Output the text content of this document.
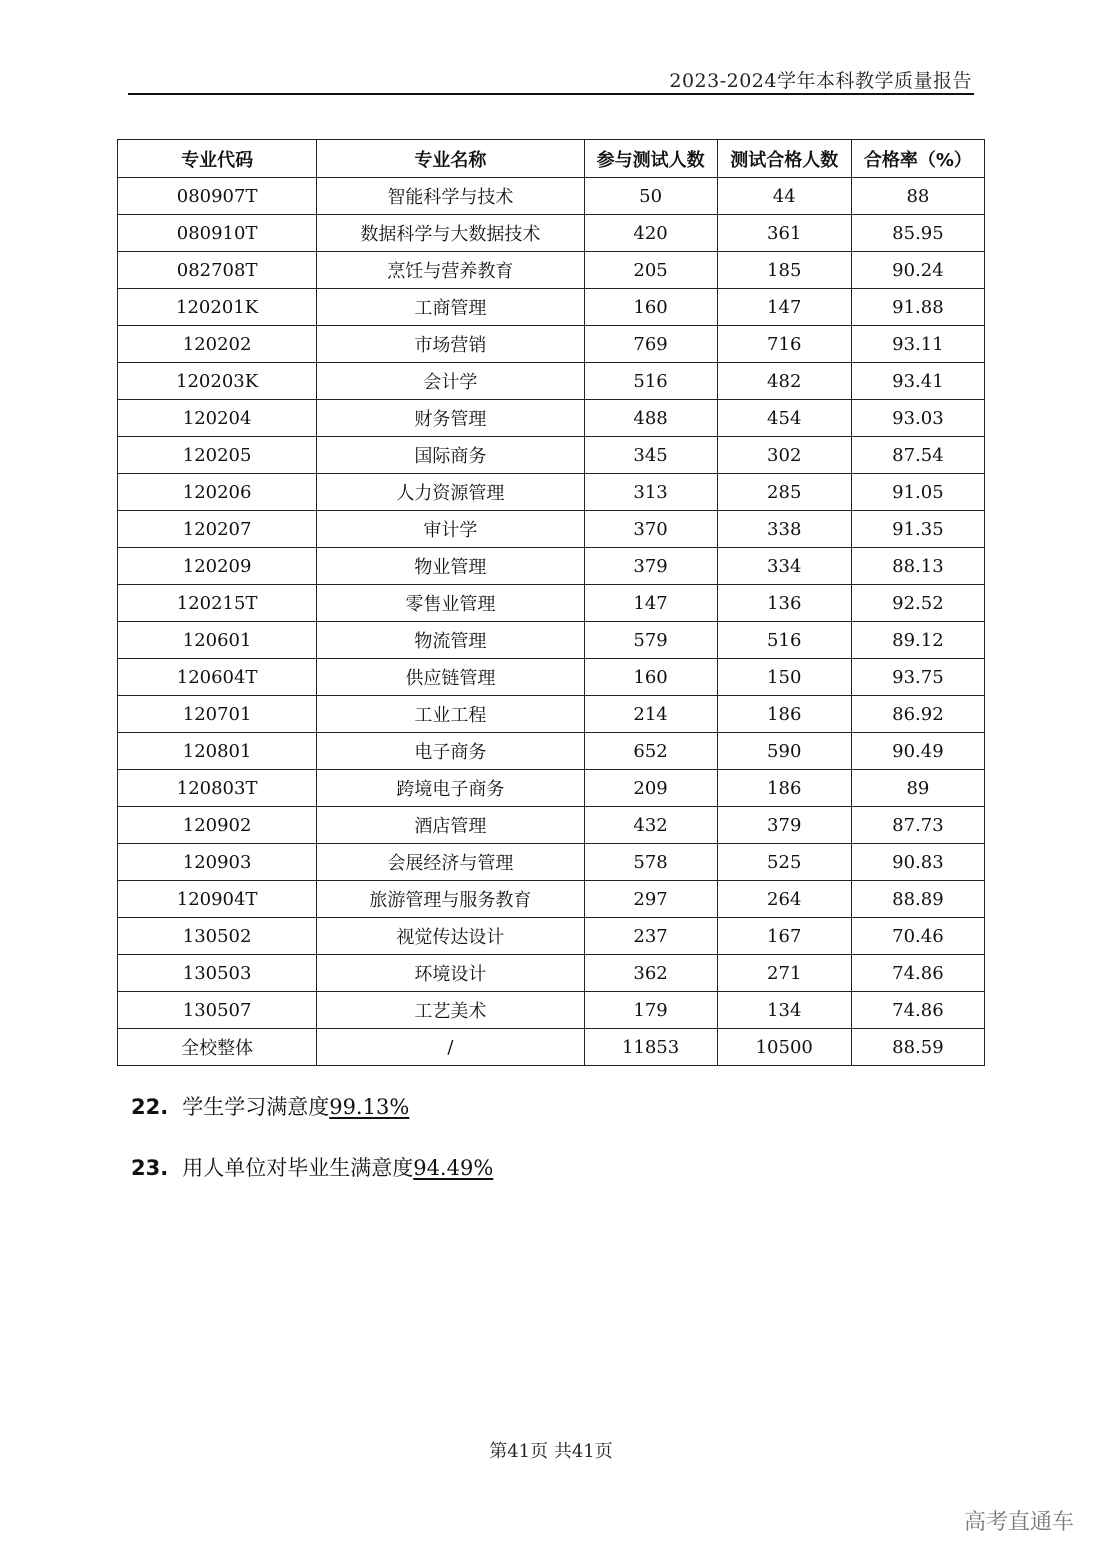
2023-2024学年本科教学质量报告
专业代码	专业名称	参与测试人数	测试合格人数	合格率（%）
080907T	智能科学与技术	50	44	88
080910T	数据科学与大数据技术	420	361	85.95
082708T	烹饪与营养教育	205	185	90.24
120201K	工商管理	160	147	91.88
120202	市场营销	769	716	93.11
120203K	会计学	516	482	93.41
120204	财务管理	488	454	93.03
120205	国际商务	345	302	87.54
120206	人力资源管理	313	285	91.05
120207	审计学	370	338	91.35
120209	物业管理	379	334	88.13
120215T	零售业管理	147	136	92.52
120601	物流管理	579	516	89.12
120604T	供应链管理	160	150	93.75
120701	工业工程	214	186	86.92
120801	电子商务	652	590	90.49
120803T	跨境电子商务	209	186	89
120902	酒店管理	432	379	87.73
120903	会展经济与管理	578	525	90.83
120904T	旅游管理与服务教育	297	264	88.89
130502	视觉传达设计	237	167	70.46
130503	环境设计	362	271	74.86
130507	工艺美术	179	134	74.86
全校整体	/	11853	10500	88.59
22. 学生学习满意度99.13%
23. 用人单位对毕业生满意度94.49%
第41页 共41页
高考直通车
